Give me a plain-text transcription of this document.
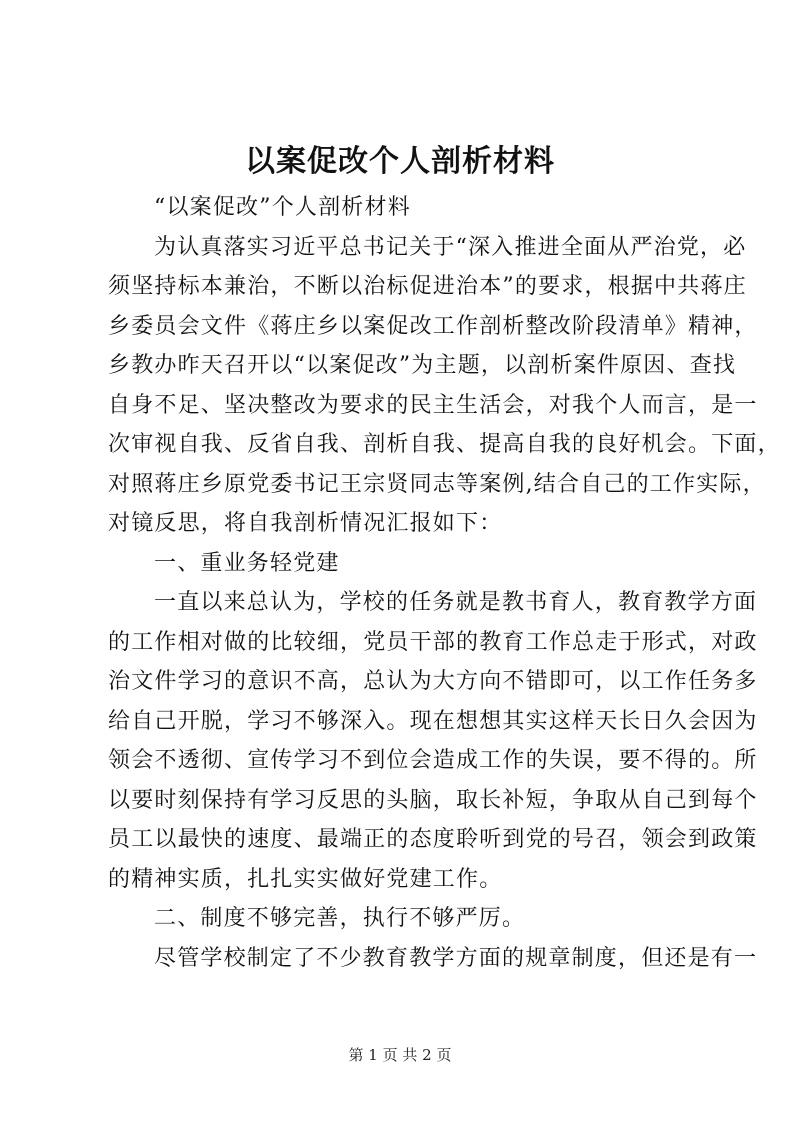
以案促改个人剖析材料
“以案促改”个人剖析材料
为认真落实习近平总书记关于“深入推进全面从严治党，必
须坚持标本兼治，不断以治标促进治本”的要求，根据中共蒋庄
乡委员会文件《蒋庄乡以案促改工作剖析整改阶段清单》精神，
乡教办昨天召开以“以案促改”为主题，以剖析案件原因、查找
自身不足、坚决整改为要求的民主生活会，对我个人而言，是一
次审视自我、反省自我、剖析自我、提高自我的良好机会。下面，
对照蒋庄乡原党委书记王宗贤同志等案例,结合自己的工作实际，
对镜反思，将自我剖析情况汇报如下：
一、重业务轻党建
一直以来总认为，学校的任务就是教书育人，教育教学方面
的工作相对做的比较细，党员干部的教育工作总走于形式，对政
治文件学习的意识不高，总认为大方向不错即可，以工作任务多
给自己开脱，学习不够深入。现在想想其实这样天长日久会因为
领会不透彻、宣传学习不到位会造成工作的失误，要不得的。所
以要时刻保持有学习反思的头脑，取长补短，争取从自己到每个
员工以最快的速度、最端正的态度聆听到党的号召，领会到政策
的精神实质，扎扎实实做好党建工作。
二、制度不够完善，执行不够严厉。
尽管学校制定了不少教育教学方面的规章制度，但还是有一
第 1 页 共 2 页
